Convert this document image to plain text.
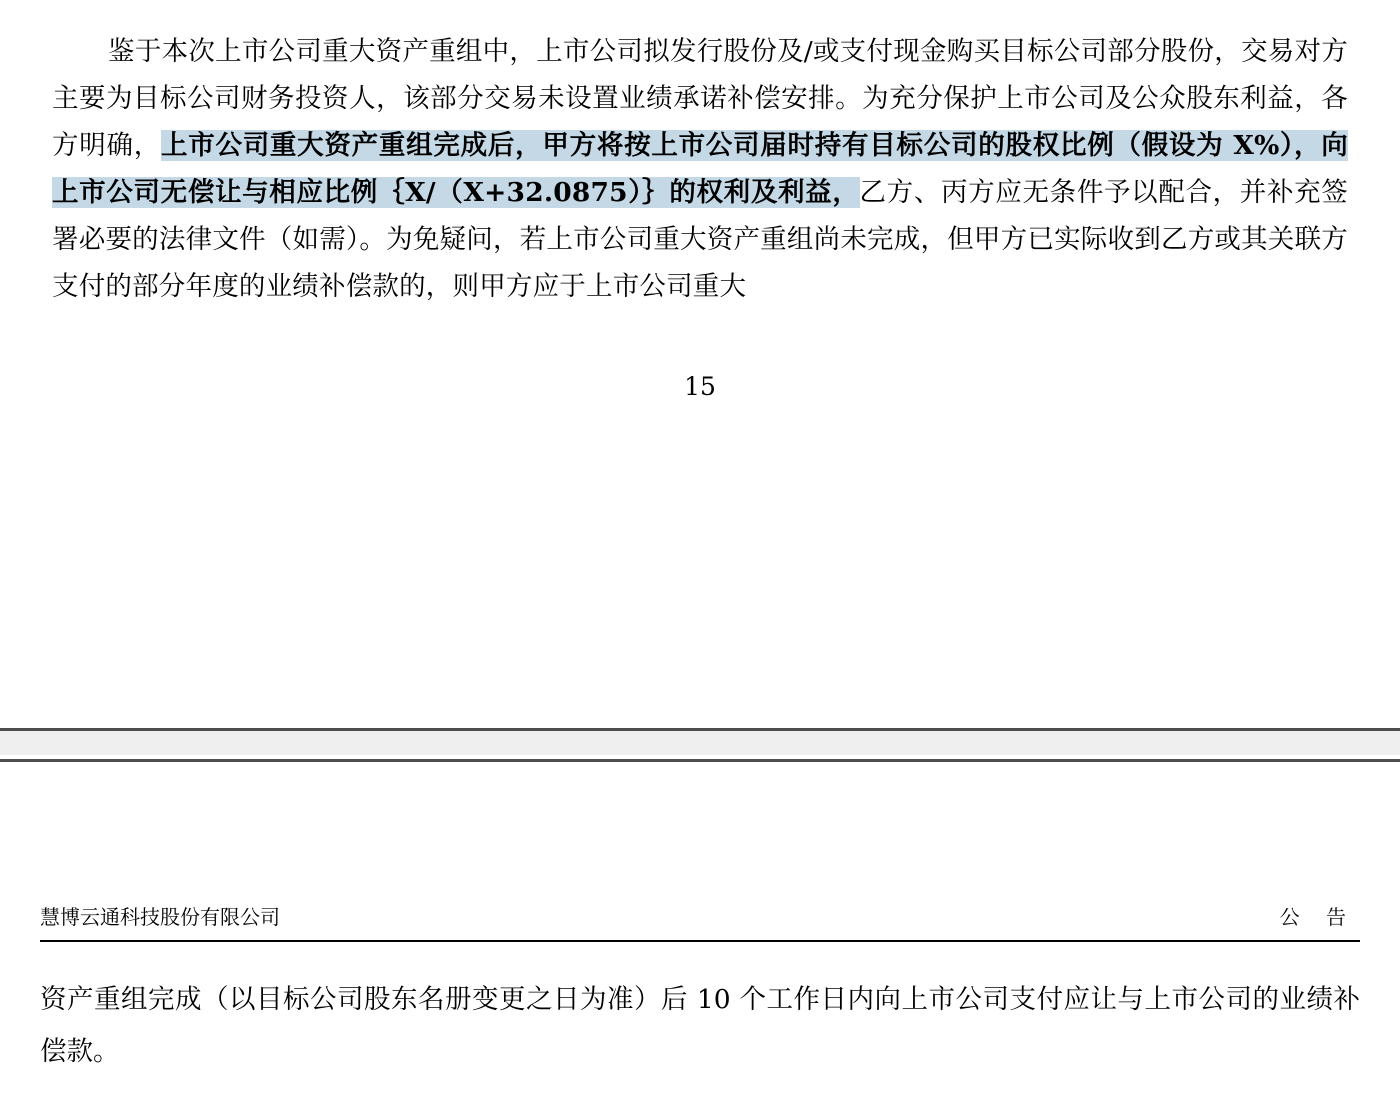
鉴于本次上市公司重大资产重组中，上市公司拟发行股份及/或支付现金购买目标公司部分股份，交易对方主要为目标公司财务投资人，该部分交易未设置业绩承诺补偿安排。为充分保护上市公司及公众股东利益，各方明确，上市公司重大资产重组完成后，甲方将按上市公司届时持有目标公司的股权比例（假设为 X%），向上市公司无偿让与相应比例｛X/（X+32.0875）｝的权利及利益，乙方、丙方应无条件予以配合，并补充签署必要的法律文件（如需）。为免疑问，若上市公司重大资产重组尚未完成，但甲方已实际收到乙方或其关联方支付的部分年度的业绩补偿款的，则甲方应于上市公司重大
15
慧博云通科技股份有限公司	公 告
资产重组完成（以目标公司股东名册变更之日为准）后 10 个工作日内向上市公司支付应让与上市公司的业绩补偿款。
